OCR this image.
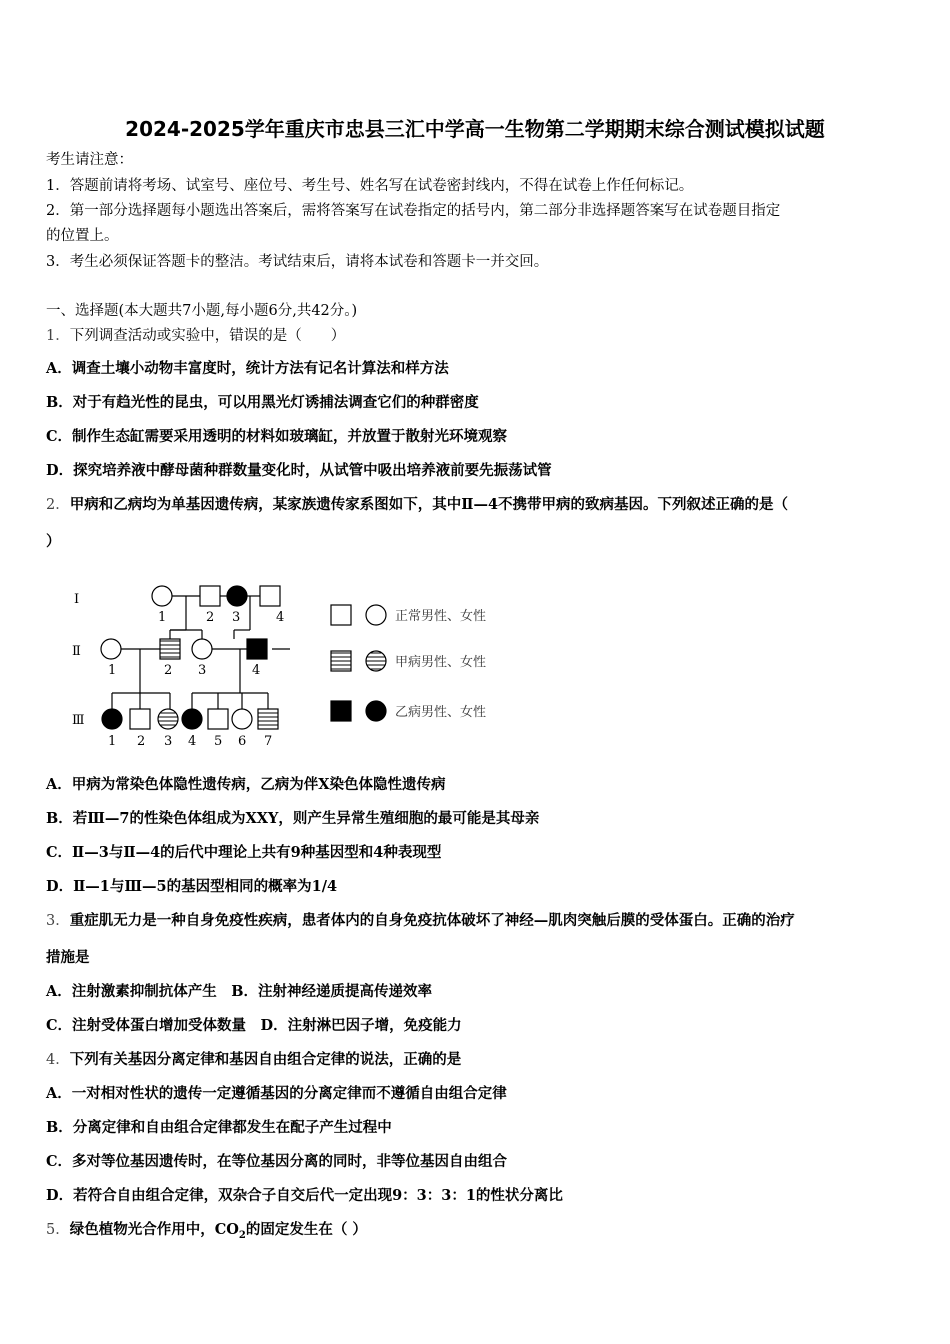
2024-2025学年重庆市忠县三汇中学高一生物第二学期期末综合测试模拟试题
考生请注意：
1．答题前请将考场、试室号、座位号、考生号、姓名写在试卷密封线内，不得在试卷上作任何标记。
2．第一部分选择题每小题选出答案后，需将答案写在试卷指定的括号内，第二部分非选择题答案写在试卷题目指定
的位置上。
3．考生必须保证答题卡的整洁。考试结束后，请将本试卷和答题卡一并交回。
一、选择题(本大题共7小题,每小题6分,共42分。)
1．下列调查活动或实验中，错误的是（　　）
A．调查土壤小动物丰富度时，统计方法有记名计算法和样方法
B．对于有趋光性的昆虫，可以用黑光灯诱捕法调查它们的种群密度
C．制作生态缸需要采用透明的材料如玻璃缸，并放置于散射光环境观察
D．探究培养液中酵母菌种群数量变化时，从试管中吸出培养液前要先振荡试管
2．甲病和乙病均为单基因遗传病，某家族遗传家系图如下，其中Ⅱ—4不携带甲病的致病基因。下列叙述正确的是（
）
Ⅰ
Ⅱ
Ⅲ
1	2 3	4
1	2 3	4
1 2 3 4 5 6 7
正常男性、女性
甲病男性、女性
乙病男性、女性
A．甲病为常染色体隐性遗传病，乙病为伴X染色体隐性遗传病
B．若Ⅲ—7的性染色体组成为XXY，则产生异常生殖细胞的最可能是其母亲
C．Ⅱ—3与Ⅱ—4的后代中理论上共有9种基因型和4种表现型
D．Ⅱ—1与Ⅲ—5的基因型相同的概率为1/4
3．重症肌无力是一种自身免疫性疾病，患者体内的自身免疫抗体破坏了神经—肌肉突触后膜的受体蛋白。正确的治疗
措施是
A．注射激素抑制抗体产生　B．注射神经递质提高传递效率
C．注射受体蛋白增加受体数量　D．注射淋巴因子增，免疫能力
4．下列有关基因分离定律和基因自由组合定律的说法，正确的是
A．一对相对性状的遗传一定遵循基因的分离定律而不遵循自由组合定律
B．分离定律和自由组合定律都发生在配子产生过程中
C．多对等位基因遗传时，在等位基因分离的同时，非等位基因自由组合
D．若符合自由组合定律，双杂合子自交后代一定出现9：3：3：1的性状分离比
5．绿色植物光合作用中，$CO_2$的固定发生在（ ）
